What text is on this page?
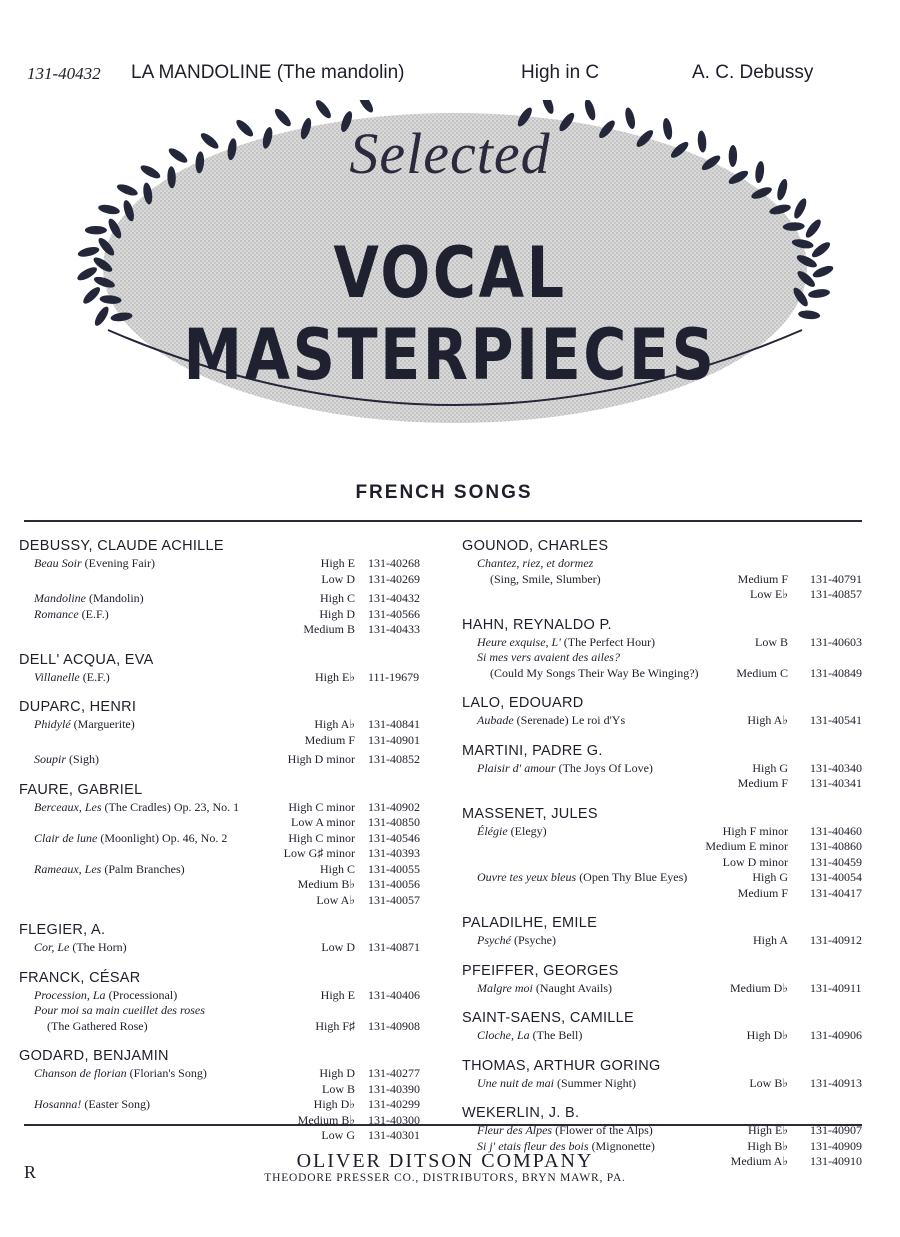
131-40432 LA MANDOLINE (The mandolin)	High in C	A. C. Debussy
Selected
VOCAL MASTERPIECES
FRENCH SONGS
DEBUSSY, CLAUDE ACHILLE
Beau Soir (Evening Fair)	High E 131-40268
Low D 131-40269
Mandoline (Mandolin)	High C 131-40432
Romance (E.F.)	High D 131-40566
Medium B 131-40433
DELL' ACQUA, EVA
Villanelle (E.F.)	High E♭ 111-19679
DUPARC, HENRI
Phidylé (Marguerite)	High A♭ 131-40841
Medium F 131-40901
Soupir (Sigh)	High D minor 131-40852
FAURE, GABRIEL
Berceaux, Les (The Cradles) Op. 23, No. 1	High C minor 131-40902
Low A minor 131-40850
Clair de lune (Moonlight) Op. 46, No. 2	High C minor 131-40546
Low G♯ minor 131-40393
Rameaux, Les (Palm Branches)	High C 131-40055
Medium B♭ 131-40056
Low A♭ 131-40057
FLEGIER, A.
Cor, Le (The Horn)	Low D 131-40871
FRANCK, CÉSAR
Procession, La (Processional)	High E 131-40406
Pour moi sa main cueillet des roses
(The Gathered Rose)	High F♯ 131-40908
GODARD, BENJAMIN
Chanson de florian (Florian's Song)	High D 131-40277
Low B 131-40390
Hosanna! (Easter Song)	High D♭ 131-40299
Medium B♭ 131-40300
Low G 131-40301
GOUNOD, CHARLES
Chantez, riez, et dormez
(Sing, Smile, Slumber)	Medium F 131-40791
Low E♭ 131-40857
HAHN, REYNALDO P.
Heure exquise, L' (The Perfect Hour)	Low B 131-40603
Si mes vers avaient des ailes?
(Could My Songs Their Way Be Winging?)	Medium C 131-40849
LALO, EDOUARD
Aubade (Serenade) Le roi d'Ys	High A♭ 131-40541
MARTINI, PADRE G.
Plaisir d' amour (The Joys Of Love)	High G 131-40340
Medium F 131-40341
MASSENET, JULES
Élégie (Elegy)	High F minor 131-40460
Medium E minor 131-40860
Low D minor 131-40459
Ouvre tes yeux bleus (Open Thy Blue Eyes)	High G 131-40054
Medium F 131-40417
PALADILHE, EMILE
Psyché (Psyche)	High A 131-40912
PFEIFFER, GEORGES
Malgre moi (Naught Avails)	Medium D♭ 131-40911
SAINT-SAENS, CAMILLE
Cloche, La (The Bell)	High D♭ 131-40906
THOMAS, ARTHUR GORING
Une nuit de mai (Summer Night)	Low B♭ 131-40913
WEKERLIN, J. B.
Fleur des Alpes (Flower of the Alps)	High E♭ 131-40907
Si j' etais fleur des bois (Mignonette)	High B♭ 131-40909
Medium A♭ 131-40910
R	OLIVER DITSON COMPANY
THEODORE PRESSER CO., DISTRIBUTORS, BRYN MAWR, PA.
